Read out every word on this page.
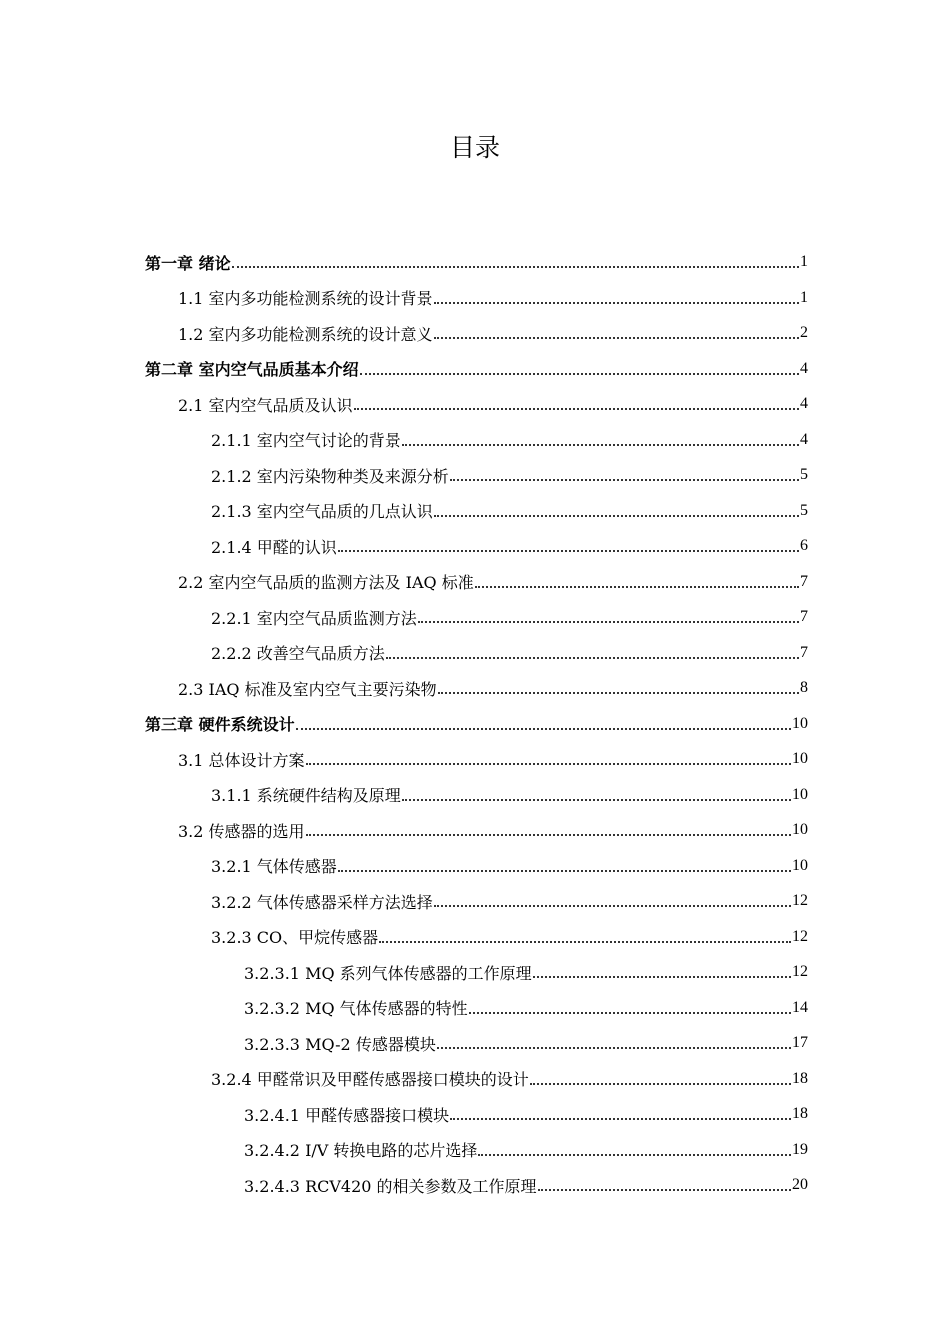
目录
第一章 绪论	1
1.1 室内多功能检测系统的设计背景	1
1.2 室内多功能检测系统的设计意义	2
第二章 室内空气品质基本介绍	4
2.1 室内空气品质及认识	4
2.1.1 室内空气讨论的背景	4
2.1.2 室内污染物种类及来源分析	5
2.1.3 室内空气品质的几点认识	5
2.1.4 甲醛的认识	6
2.2 室内空气品质的监测方法及 IAQ 标准	7
2.2.1 室内空气品质监测方法	7
2.2.2 改善空气品质方法	7
2.3 IAQ 标准及室内空气主要污染物	8
第三章 硬件系统设计	10
3.1 总体设计方案	10
3.1.1 系统硬件结构及原理	10
3.2 传感器的选用	10
3.2.1 气体传感器	10
3.2.2 气体传感器采样方法选择	12
3.2.3 CO、甲烷传感器	12
3.2.3.1 MQ 系列气体传感器的工作原理	12
3.2.3.2 MQ 气体传感器的特性	14
3.2.3.3 MQ-2 传感器模块	17
3.2.4 甲醛常识及甲醛传感器接口模块的设计	18
3.2.4.1 甲醛传感器接口模块	18
3.2.4.2 I/V 转换电路的芯片选择	19
3.2.4.3 RCV420 的相关参数及工作原理	20
